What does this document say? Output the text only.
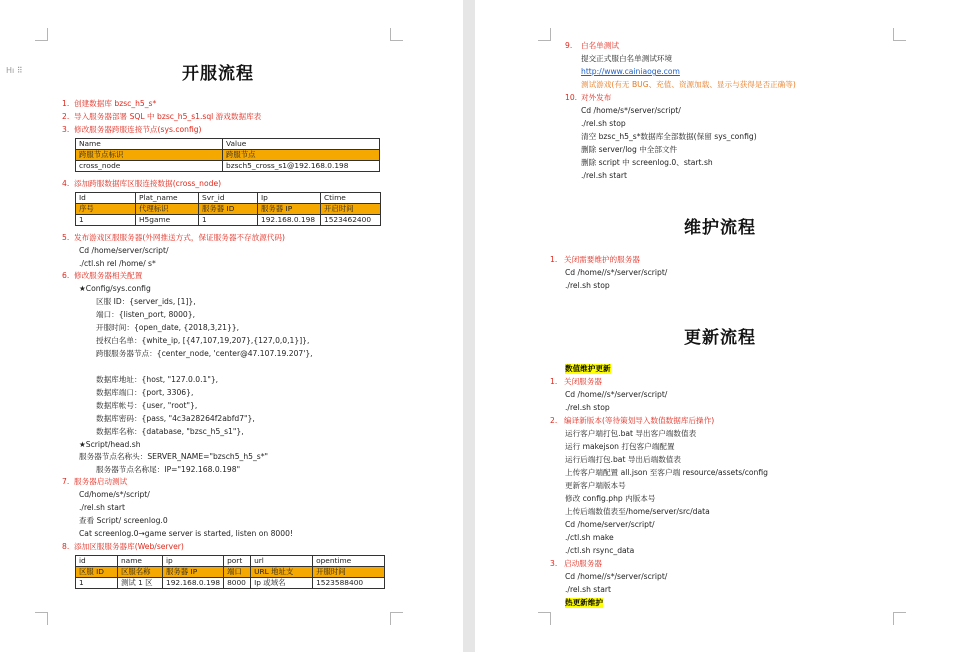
Hı ⠿	开服流程
1. 创建数据库 bzsc_h5_s*
2. 导入服务器部署 SQL 中 bzsc_h5_s1.sql 游戏数据库表
3. 修改服务器跨服连接节点(sys.config)
Name	Value
跨服节点标识	跨服节点
cross_node	bzsch5_cross_s1@192.168.0.198
4. 添加跨服数据库区服连接数据(cross_node)
Id	Plat_name	Svr_id	Ip	Ctime
序号	代理标识	服务器 ID	服务器 IP	开启时间
1	H5game	1	192.168.0.198	1523462400
5. 发布游戏区服服务器(外网推送方式，保证服务器不存放源代码)
Cd /home/server/script/
./ctl.sh rel /home/ s*
6. 修改服务器相关配置
★Config/sys.config
区服 ID：{server_ids, [1]},
端口：{listen_port, 8000},
开服时间：{open_date, {2018,3,21}},
授权白名单：{white_ip, [{47,107,19,207},{127,0,0,1}]},
跨服服务器节点：{center_node, 'center@47.107.19.207'},
数据库地址：{host, "127.0.0.1"},
数据库端口：{port, 3306},
数据库帐号：{user, "root"},
数据库密码：{pass, "4c3a28264f2abfd7"},
数据库名称：{database, "bzsc_h5_s1"},
★Script/head.sh
服务器节点名称头：SERVER_NAME="bzsch5_h5_s*"
服务器节点名称尾：IP="192.168.0.198"
7. 服务器启动测试
Cd/home/s*/script/
./rel.sh start
查看 Script/ screenlog.0
Cat screenlog.0→game server is started, listen on 8000!
8. 添加区服服务器库(Web/server)
id	name	ip	port	url	opentime
区服 ID	区服名称	服务器 IP	端口	URL 地址支	开服时间
1	测试 1 区	192.168.0.198	8000	Ip 或域名	1523588400
9. 白名单测试
提交正式服白名单测试环境
http://www.cainiaoge.com
测试游戏(有无 BUG、充值、资源加载、显示与获得是否正确等)
10. 对外发布
Cd /home/s*/server/script/
./rel.sh stop
清空 bzsc_h5_s*数据库全部数据(保留 sys_config)
删除 server/log 中全部文件
删除 script 中 screenlog.0、start.sh
./rel.sh start
维护流程
1. 关闭需要维护的服务器
Cd /home//s*/server/script/
./rel.sh stop
更新流程
数值维护更新
1. 关闭服务器
Cd /home//s*/server/script/
./rel.sh stop
2. 编译新版本(等待策划导入数值数据库后操作)
运行客户端打包.bat 导出客户端数值表
运行 makejson 打包客户端配置
运行后端打包.bat 导出后端数值表
上传客户端配置 all.json 至客户端 resource/assets/config
更新客户端版本号
修改 config.php 内版本号
上传后端数值表至/home/server/src/data
Cd /home/server/script/
./ctl.sh make
./ctl.sh rsync_data
3. 启动服务器
Cd /home//s*/server/script/
./rel.sh start
热更新维护
